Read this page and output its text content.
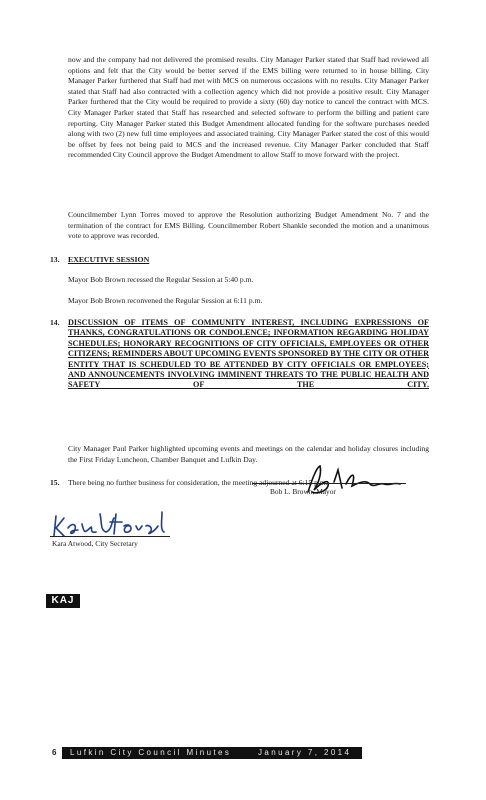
now and the company had not delivered the promised results. City Manager Parker stated that Staff had reviewed all options and felt that the City would be better served if the EMS billing were returned to in house billing. City Manager Parker furthered that Staff had met with MCS on numerous occasions with no results. City Manager Parker stated that Staff had also contracted with a collection agency which did not provide a positive result. City Manager Parker furthered that the City would be required to provide a sixty (60) day notice to cancel the contract with MCS. City Manager Parker stated that Staff has researched and selected software to perform the billing and patient care reporting. City Manager Parker stated this Budget Amendment allocated funding for the software purchases needed along with two (2) new full time employees and associated training. City Manager Parker stated the cost of this would be offset by fees not being paid to MCS and the increased revenue. City Manager Parker concluded that Staff recommended City Council approve the Budget Amendment to allow Staff to move forward with the project.
Councilmember Lynn Torres moved to approve the Resolution authorizing Budget Amendment No. 7 and the termination of the contract for EMS Billing. Councilmember Robert Shankle seconded the motion and a unanimous vote to approve was recorded.
13. EXECUTIVE SESSION
Mayor Bob Brown recessed the Regular Session at 5:40 p.m.
Mayor Bob Brown reconvened the Regular Session at 6:11 p.m.
14. DISCUSSION OF ITEMS OF COMMUNITY INTEREST, INCLUDING EXPRESSIONS OF THANKS, CONGRATULATIONS OR CONDOLENCE; INFORMATION REGARDING HOLIDAY SCHEDULES; HONORARY RECOGNITIONS OF CITY OFFICIALS, EMPLOYEES OR OTHER CITIZENS; REMINDERS ABOUT UPCOMING EVENTS SPONSORED BY THE CITY OR OTHER ENTITY THAT IS SCHEDULED TO BE ATTENDED BY CITY OFFICIALS OR EMPLOYEES; AND ANNOUNCEMENTS INVOLVING IMMINENT THREATS TO THE PUBLIC HEALTH AND SAFETY OF THE CITY.
City Manager Paul Parker highlighted upcoming events and meetings on the calendar and holiday closures including the First Friday Luncheon, Chamber Banquet and Lufkin Day.
15. There being no further business for consideration, the meeting adjourned at 6:15 p.m.
Bob L. Brown, Mayor
Kara Atwood, City Secretary
KAJ
6 Lufkin City Council Minutes	January 7, 2014
